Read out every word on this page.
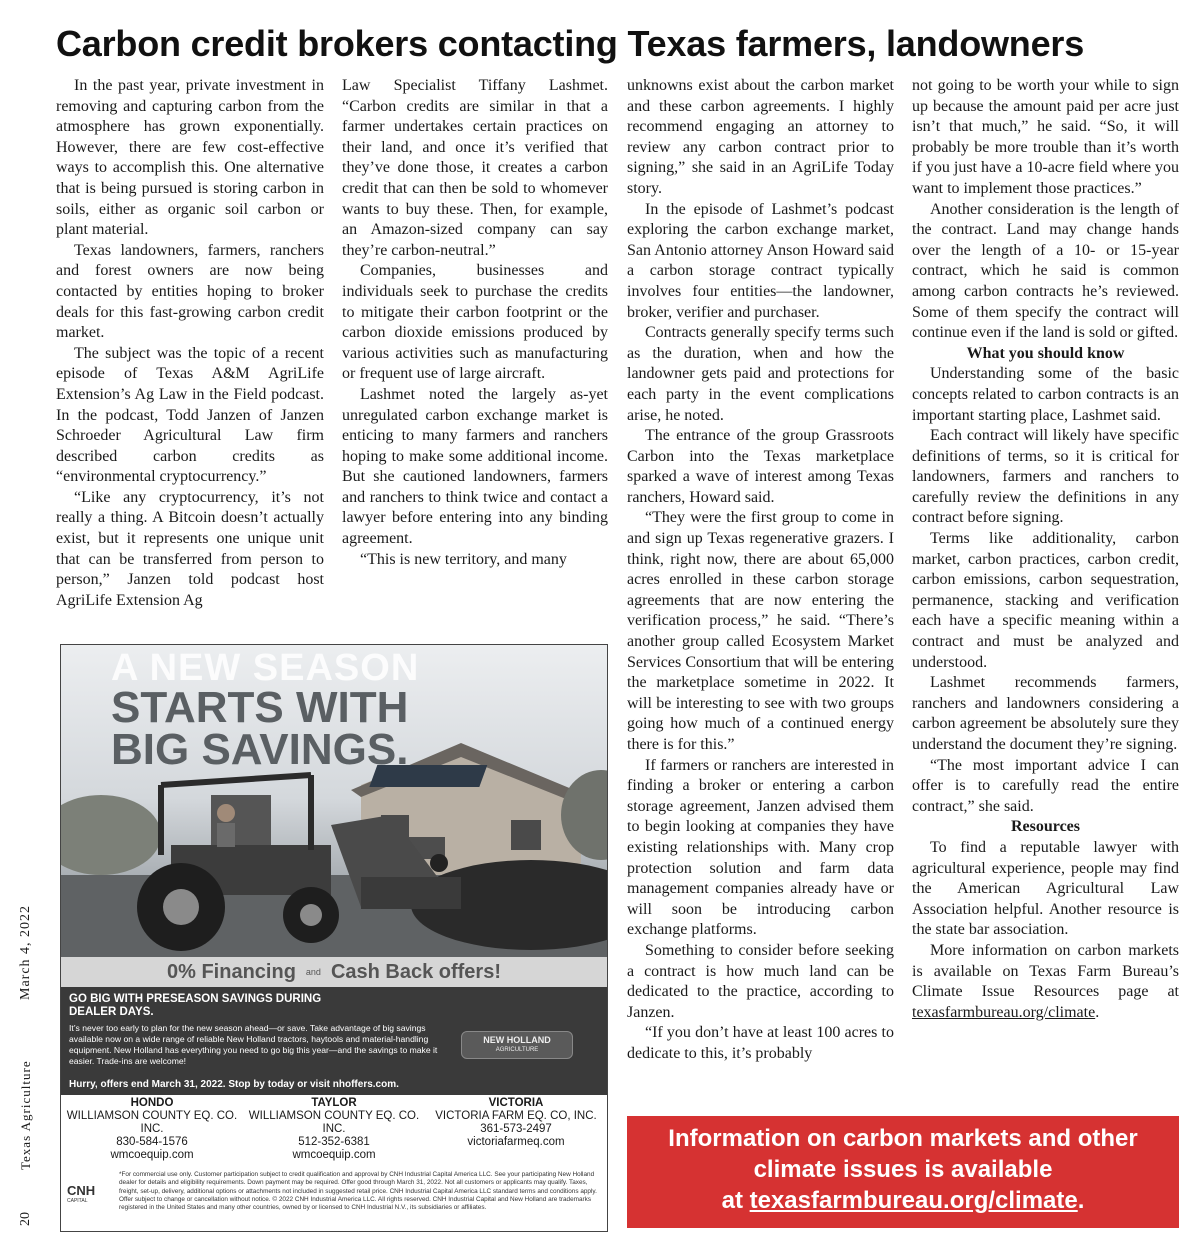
Carbon credit brokers contacting Texas farmers, landowners

In the past year, private investment in removing and capturing carbon from the atmosphere has grown exponentially. However, there are few cost-effective ways to accomplish this. One alternative that is being pursued is storing carbon in soils, either as organic soil carbon or plant material.

Texas landowners, farmers, ranchers and forest owners are now being contacted by entities hoping to broker deals for this fast-growing carbon credit market.

The subject was the topic of a recent episode of Texas A&M AgriLife Extension’s Ag Law in the Field podcast. In the podcast, Todd Janzen of Janzen Schroeder Agricultural Law firm described carbon credits as “environmental cryptocurrency.”

“Like any cryptocurrency, it’s not really a thing. A Bitcoin doesn’t actually exist, but it represents one unique unit that can be transferred from person to person,” Janzen told podcast host AgriLife Extension Ag

Law Specialist Tiffany Lashmet. “Carbon credits are similar in that a farmer undertakes certain practices on their land, and once it’s verified that they’ve done those, it creates a carbon credit that can then be sold to whomever wants to buy these. Then, for example, an Amazon-sized company can say they’re carbon-neutral.”

Companies, businesses and individuals seek to purchase the credits to mitigate their carbon footprint or the carbon dioxide emissions produced by various activities such as manufacturing or frequent use of large aircraft.

Lashmet noted the largely as-yet unregulated carbon exchange market is enticing to many farmers and ranchers hoping to make some additional income. But she cautioned landowners, farmers and ranchers to think twice and contact a lawyer before entering into any binding agreement.

“This is new territory, and many

unknowns exist about the carbon market and these carbon agreements. I highly recommend engaging an attorney to review any carbon contract prior to signing,” she said in an AgriLife Today story.

In the episode of Lashmet’s podcast exploring the carbon exchange market, San Antonio attorney Anson Howard said a carbon storage contract typically involves four entities—the landowner, broker, verifier and purchaser.

Contracts generally specify terms such as the duration, when and how the landowner gets paid and protections for each party in the event complications arise, he noted.

The entrance of the group Grassroots Carbon into the Texas marketplace sparked a wave of interest among Texas ranchers, Howard said.

“They were the first group to come in and sign up Texas regenerative grazers. I think, right now, there are about 65,000 acres enrolled in these carbon storage agreements that are now entering the verification process,” he said. “There’s another group called Ecosystem Market Services Consortium that will be entering the marketplace sometime in 2022. It will be interesting to see with two groups going how much of a continued energy there is for this.”

If farmers or ranchers are interested in finding a broker or entering a carbon storage agreement, Janzen advised them to begin looking at companies they have existing relationships with. Many crop protection solution and farm data management companies already have or will soon be introducing carbon exchange platforms.

Something to consider before seeking a contract is how much land can be dedicated to the practice, according to Janzen.

“If you don’t have at least 100 acres to dedicate to this, it’s probably

not going to be worth your while to sign up because the amount paid per acre just isn’t that much,” he said. “So, it will probably be more trouble than it’s worth if you just have a 10-acre field where you want to implement those practices.”

Another consideration is the length of the contract. Land may change hands over the length of a 10- or 15-year contract, which he said is common among carbon contracts he’s reviewed. Some of them specify the contract will continue even if the land is sold or gifted.

What you should know

Understanding some of the basic concepts related to carbon contracts is an important starting place, Lashmet said.

Each contract will likely have specific definitions of terms, so it is critical for landowners, farmers and ranchers to carefully review the definitions in any contract before signing.

Terms like additionality, carbon market, carbon practices, carbon credit, carbon emissions, carbon sequestration, permanence, stacking and verification each have a specific meaning within a contract and must be analyzed and understood.

Lashmet recommends farmers, ranchers and landowners considering a carbon agreement be absolutely sure they understand the document they’re signing.

“The most important advice I can offer is to carefully read the entire contract,” she said.

Resources

To find a reputable lawyer with agricultural experience, people may find the American Agricultural Law Association helpful. Another resource is the state bar association.

More information on carbon markets is available on Texas Farm Bureau’s Climate Issue Resources page at texasfarmbureau.org/climate.

March 4, 2022
Texas Agriculture
20
A NEW SEASON
STARTS WITH
BIG SAVINGS.
0% Financing and Cash Back offers!
GO BIG WITH PRESEASON SAVINGS DURING DEALER DAYS.
It’s never too early to plan for the new season ahead—or save. Take advantage of big savings available now on a wide range of reliable New Holland tractors, haytools and material-handling equipment. New Holland has everything you need to go big this year—and the savings to make it easier. Trade-ins are welcome!
Hurry, offers end March 31, 2022. Stop by today or visit nhoffers.com.
NEW HOLLAND
AGRICULTURE
HONDO
WILLIAMSON COUNTY EQ. CO. INC.
830-584-1576
wmcoequip.com
TAYLOR
WILLIAMSON COUNTY EQ. CO. INC.
512-352-6381
wmcoequip.com
VICTORIA
VICTORIA FARM EQ. CO, INC.
361-573-2497
victoriafarmeq.com
CNH
CAPITAL
*For commercial use only. Customer participation subject to credit qualification and approval by CNH Industrial Capital America LLC. See your participating New Holland dealer for details and eligibility requirements. Down payment may be required. Offer good through March 31, 2022. Not all customers or applicants may qualify. Taxes, freight, set-up, delivery, additional options or attachments not included in suggested retail price. CNH Industrial Capital America LLC standard terms and conditions apply. Offer subject to change or cancellation without notice. © 2022 CNH Industrial America LLC. All rights reserved. CNH Industrial Capital and New Holland are trademarks registered in the United States and many other countries, owned by or licensed to CNH Industrial N.V., its subsidiaries or affiliates.
Information on carbon markets and other
climate issues is available
at texasfarmbureau.org/climate.
